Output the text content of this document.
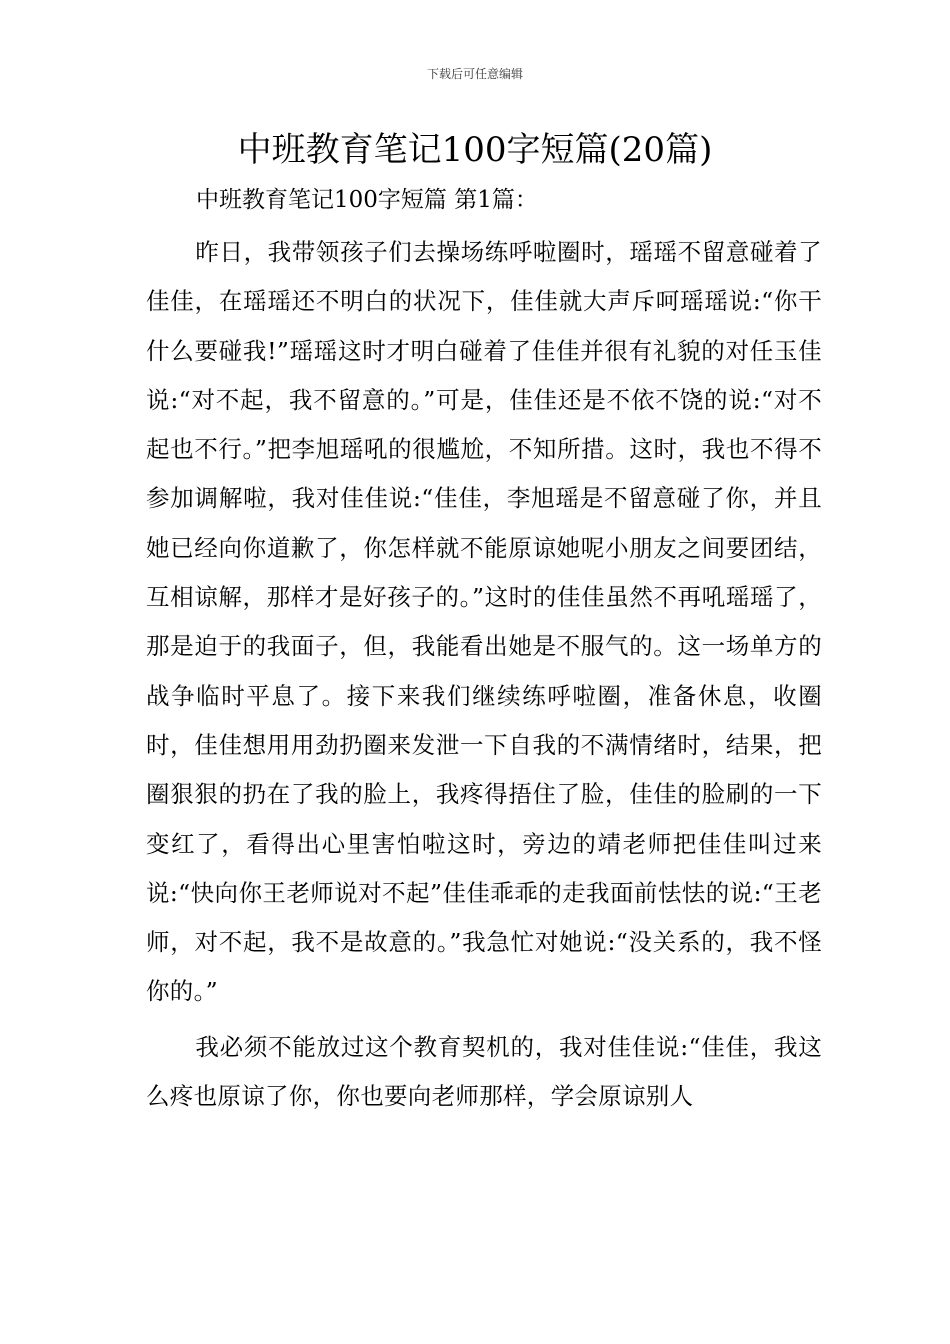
下载后可任意编辑
中班教育笔记100字短篇(20篇)

中班教育笔记100字短篇 第1篇：

昨日，我带领孩子们去操场练呼啦圈时，瑶瑶不留意碰着了佳佳，在瑶瑶还不明白的状况下，佳佳就大声斥呵瑶瑶说:“你干什么要碰我!”瑶瑶这时才明白碰着了佳佳并很有礼貌的对任玉佳说:“对不起，我不留意的。”可是，佳佳还是不依不饶的说:“对不起也不行。”把李旭瑶吼的很尴尬，不知所措。这时，我也不得不参加调解啦，我对佳佳说:“佳佳，李旭瑶是不留意碰了你，并且她已经向你道歉了，你怎样就不能原谅她呢小朋友之间要团结，互相谅解，那样才是好孩子的。”这时的佳佳虽然不再吼瑶瑶了，那是迫于的我面子，但，我能看出她是不服气的。这一场单方的战争临时平息了。接下来我们继续练呼啦圈，准备休息，收圈时，佳佳想用用劲扔圈来发泄一下自我的不满情绪时，结果，把圈狠狠的扔在了我的脸上，我疼得捂住了脸，佳佳的脸刷的一下变红了，看得出心里害怕啦这时，旁边的靖老师把佳佳叫过来说:“快向你王老师说对不起”佳佳乖乖的走我面前怯怯的说:“王老师，对不起，我不是故意的。”我急忙对她说:“没关系的，我不怪你的。”

我必须不能放过这个教育契机的，我对佳佳说:“佳佳，我这么疼也原谅了你，你也要向老师那样，学会原谅别人
